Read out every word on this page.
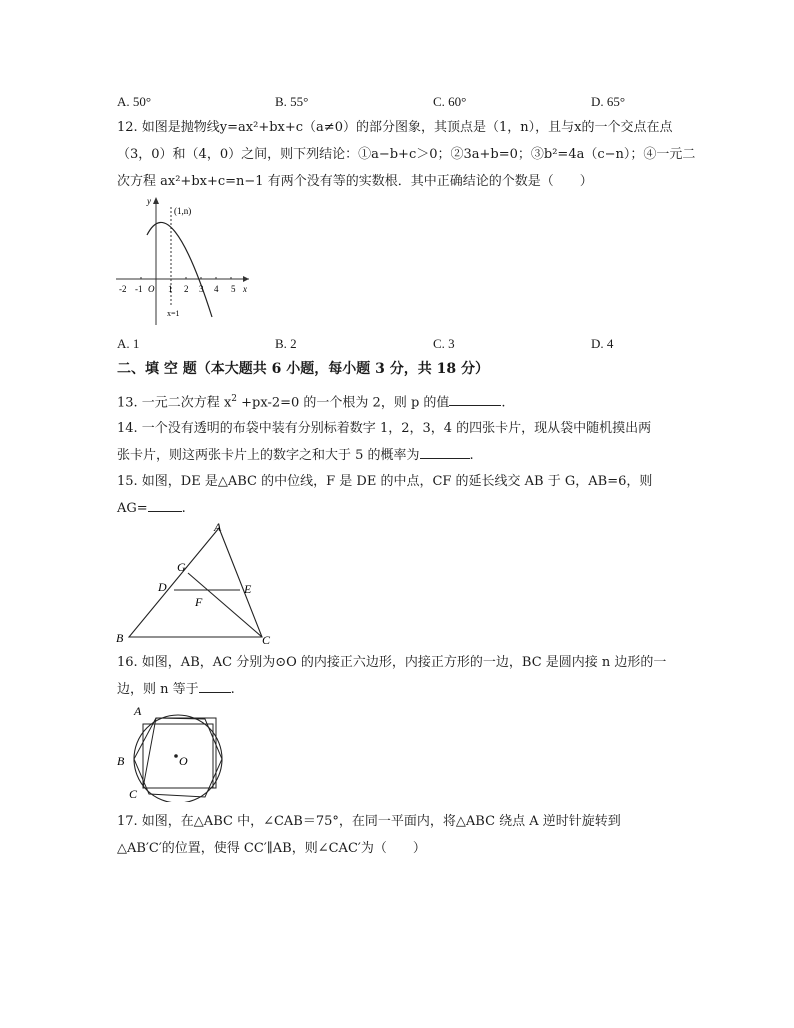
A. 50°	B. 55°	C. 60°	D. 65°
12. 如图是抛物线y=ax²+bx+c（a≠0）的部分图象，其顶点是（1，n），且与x的一个交点在点
（3，0）和（4，0）之间，则下列结论：①a−b+c＞0；②3a+b=0；③b²=4a（c−n）；④一元二
次方程 ax²+bx+c=n−1 有两个没有等的实数根．其中正确结论的个数是（　　）
y
x
(1,n)
O
-2 -1	1 2 3 4 5
x=1
A. 1	B. 2	C. 3	D. 4
二、填 空 题（本大题共 6 小题，每小题 3 分，共 18 分）
13. 一元二次方程 $x^2 +px-2=0$ 的一个根为 2，则 p 的值	.
14. 一个没有透明的布袋中装有分别标着数字 1，2，3，4 的四张卡片，现从袋中随机摸出两
张卡片，则这两张卡片上的数字之和大于 5 的概率为	.
15. 如图，DE 是△ABC 的中位线，F 是 DE 的中点，CF 的延长线交 AB 于 G，AB=6，则
AG=	.
A
B	C
D	E
F
G
16. 如图，AB，AC 分别为⊙O 的内接正六边形，内接正方形的一边，BC 是圆内接 n 边形的一
边，则 n 等于 .
O
A
B
C
17. 如图，在△ABC 中，∠CAB＝75°，在同一平面内，将△ABC 绕点 A 逆时针旋转到
△AB′C′的位置，使得 CC′∥AB，则∠CAC′为（　　）
